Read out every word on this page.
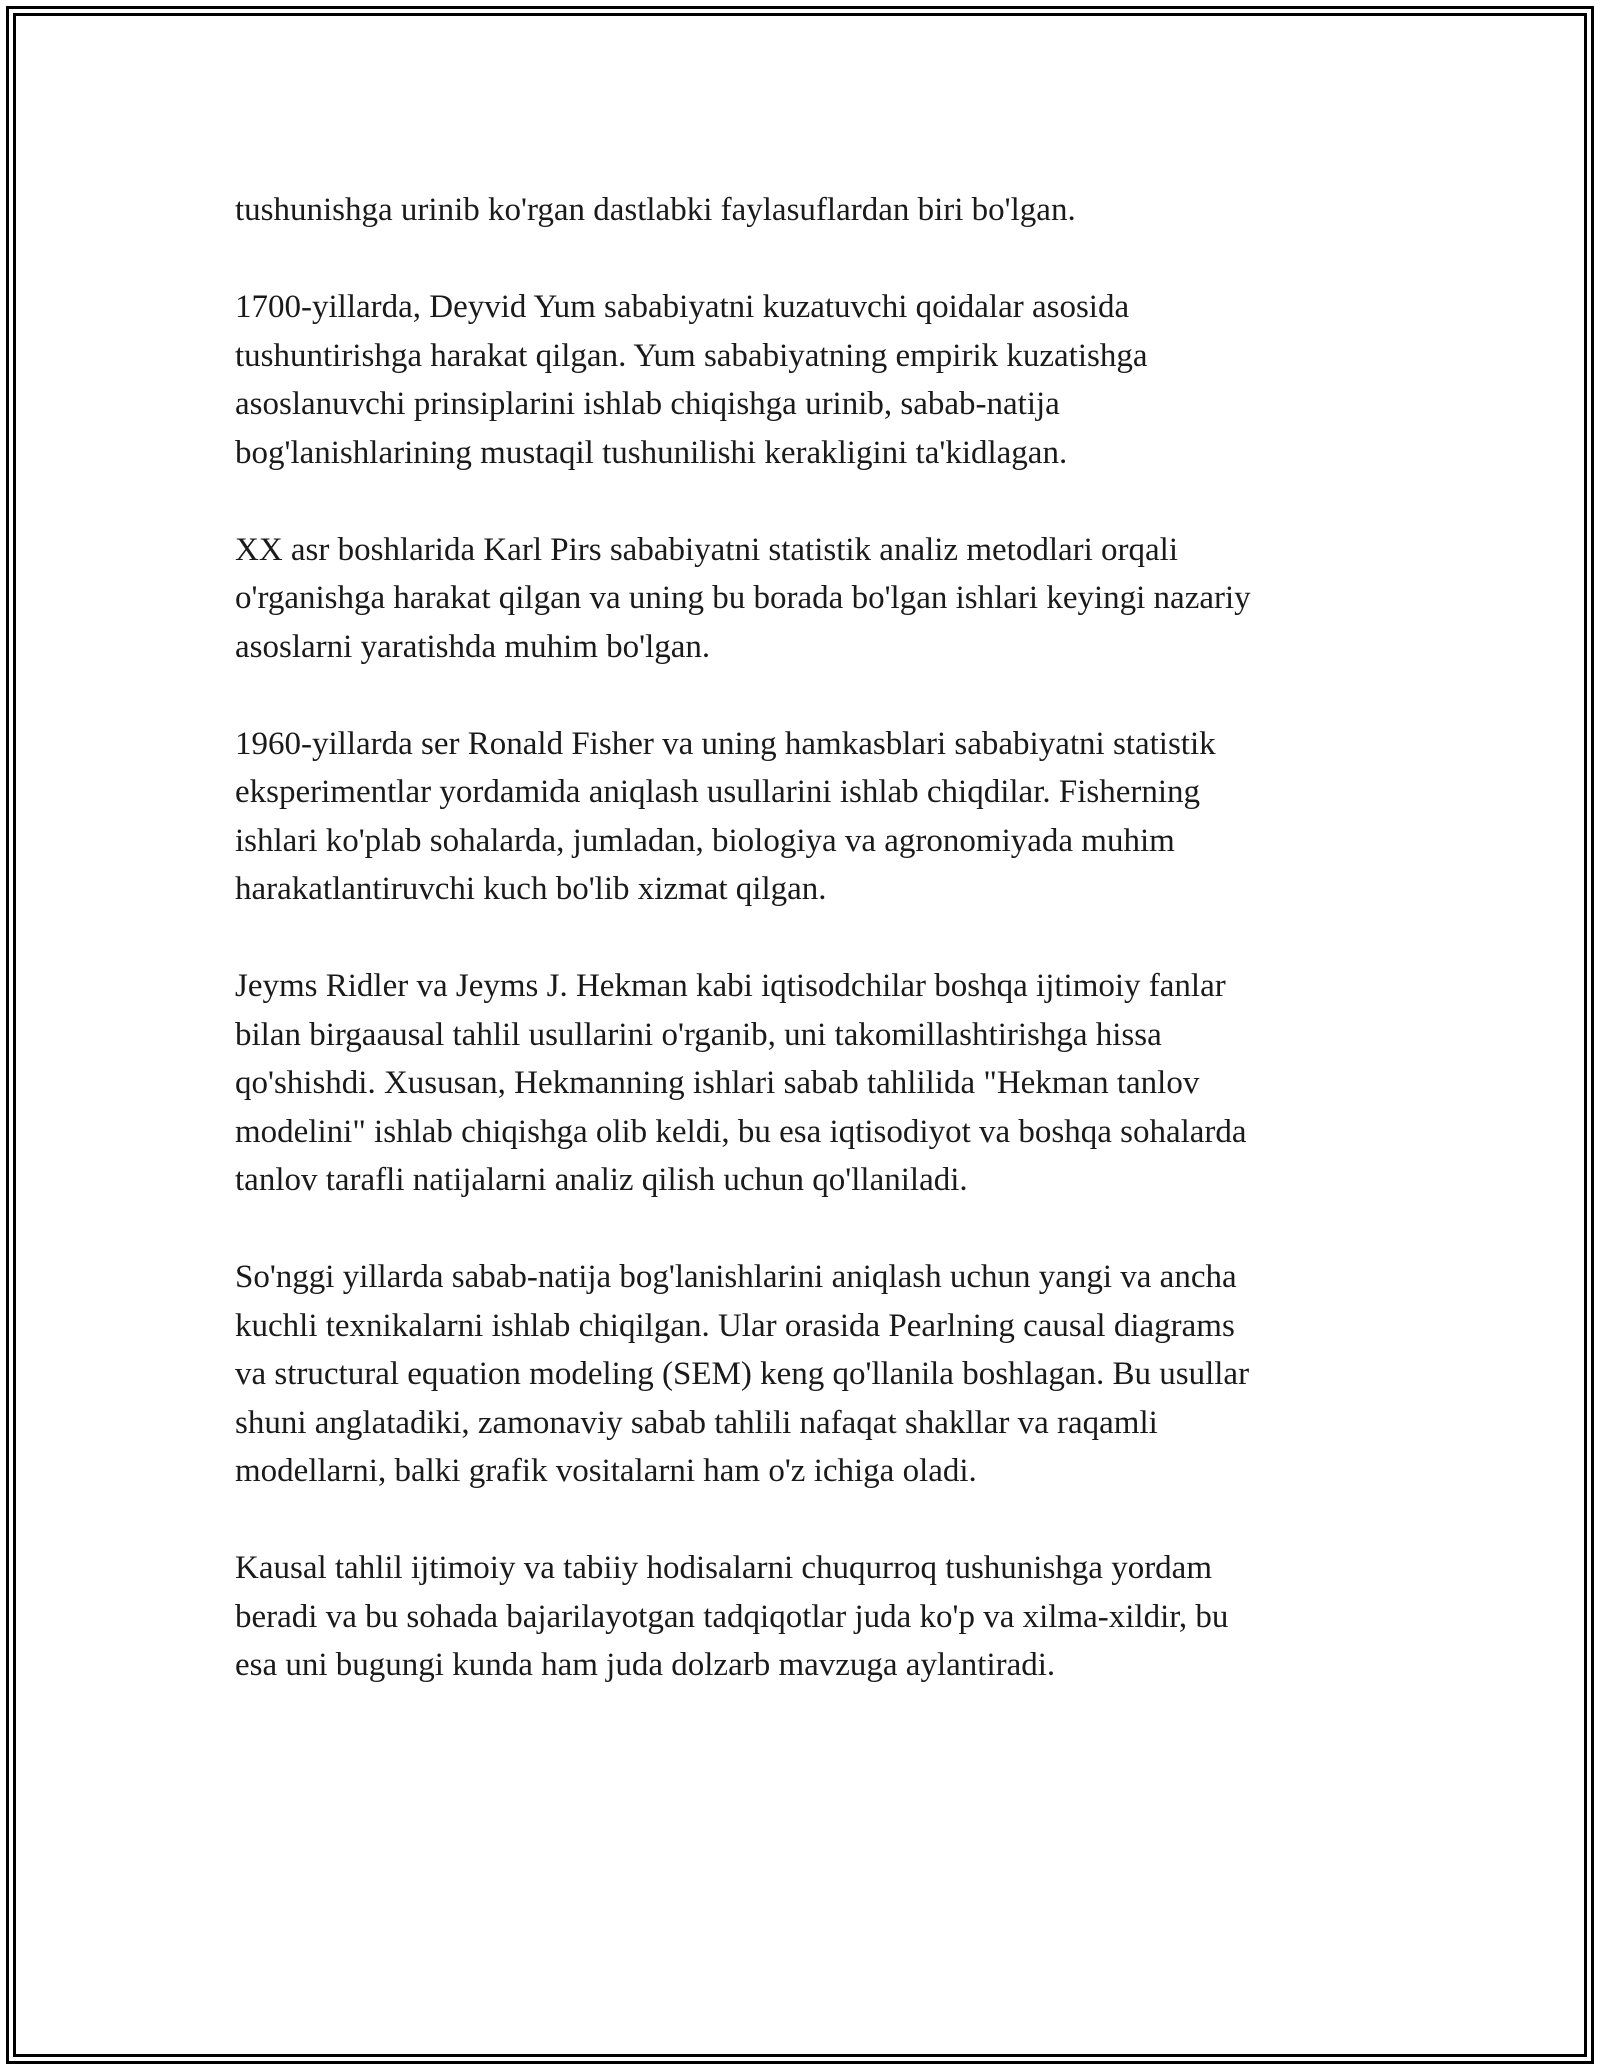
tushunishga urinib ko'rgan dastlabki faylasuflardan biri bo'lgan.

1700-yillarda, Deyvid Yum sababiyatni kuzatuvchi qoidalar asosida
tushuntirishga harakat qilgan. Yum sababiyatning empirik kuzatishga
asoslanuvchi prinsiplarini ishlab chiqishga urinib, sabab-natija
bog'lanishlarining mustaqil tushunilishi kerakligini ta'kidlagan.

XX asr boshlarida Karl Pirs sababiyatni statistik analiz metodlari orqali
o'rganishga harakat qilgan va uning bu borada bo'lgan ishlari keyingi nazariy
asoslarni yaratishda muhim bo'lgan.

1960-yillarda ser Ronald Fisher va uning hamkasblari sababiyatni statistik
eksperimentlar yordamida aniqlash usullarini ishlab chiqdilar. Fisherning
ishlari ko'plab sohalarda, jumladan, biologiya va agronomiyada muhim
harakatlantiruvchi kuch bo'lib xizmat qilgan.

Jeyms Ridler va Jeyms J. Hekman kabi iqtisodchilar boshqa ijtimoiy fanlar
bilan birgaausal tahlil usullarini o'rganib, uni takomillashtirishga hissa
qo'shishdi. Xususan, Hekmanning ishlari sabab tahlilida "Hekman tanlov
modelini" ishlab chiqishga olib keldi, bu esa iqtisodiyot va boshqa sohalarda
tanlov tarafli natijalarni analiz qilish uchun qo'llaniladi.

So'nggi yillarda sabab-natija bog'lanishlarini aniqlash uchun yangi va ancha
kuchli texnikalarni ishlab chiqilgan. Ular orasida Pearlning causal diagrams
va structural equation modeling (SEM) keng qo'llanila boshlagan. Bu usullar
shuni anglatadiki, zamonaviy sabab tahlili nafaqat shakllar va raqamli
modellarni, balki grafik vositalarni ham o'z ichiga oladi.

Kausal tahlil ijtimoiy va tabiiy hodisalarni chuqurroq tushunishga yordam
beradi va bu sohada bajarilayotgan tadqiqotlar juda ko'p va xilma-xildir, bu
esa uni bugungi kunda ham juda dolzarb mavzuga aylantiradi.
